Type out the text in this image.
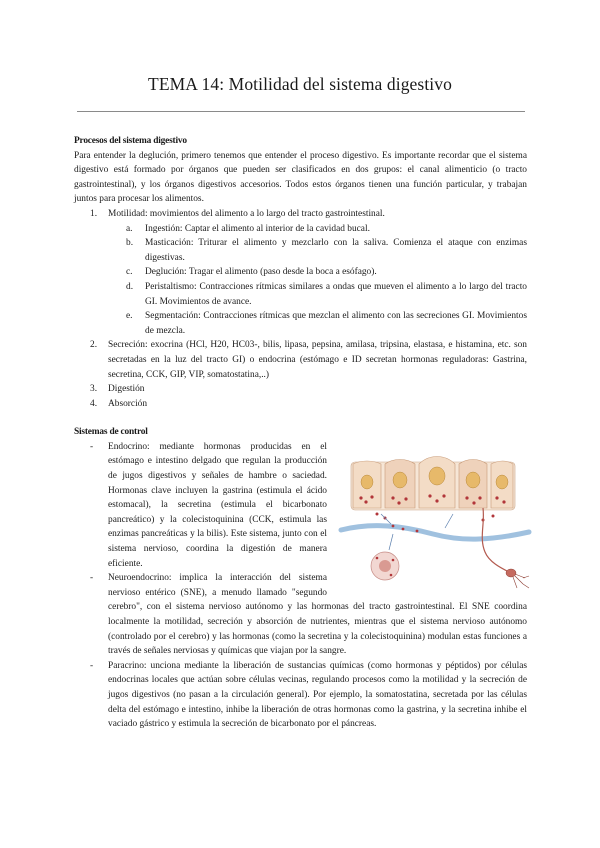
TEMA 14: Motilidad del sistema digestivo
Procesos del sistema digestivo
Para entender la deglución, primero tenemos que entender el proceso digestivo. Es importante recordar que el sistema digestivo está formado por órganos que pueden ser clasificados en dos grupos: el canal alimenticio (o tracto gastrointestinal), y los órganos digestivos accesorios. Todos estos órganos tienen una función particular, y trabajan juntos para procesar los alimentos.
1. Motilidad: movimientos del alimento a lo largo del tracto gastrointestinal.
a. Ingestión: Captar el alimento al interior de la cavidad bucal.
b. Masticación: Triturar el alimento y mezclarlo con la saliva. Comienza el ataque con enzimas digestivas.
c. Deglución: Tragar el alimento (paso desde la boca a esófago).
d. Peristaltismo: Contracciones rítmicas similares a ondas que mueven el alimento a lo largo del tracto GI. Movimientos de avance.
e. Segmentación: Contracciones rítmicas que mezclan el alimento con las secreciones GI. Movimientos de mezcla.
2. Secreción: exocrina (HCl, H20, HC03-, bilis, lipasa, pepsina, amilasa, tripsina, elastasa, e histamina, etc. son secretadas en la luz del tracto GI) o endocrina (estómago e ID secretan hormonas reguladoras: Gastrina, secretina, CCK, GIP, VIP, somatostatina,..)
3. Digestión
4. Absorción
Sistemas de control
- Endocrino: mediante hormonas producidas en el estómago e intestino delgado que regulan la producción de jugos digestivos y señales de hambre o saciedad. Hormonas clave incluyen la gastrina (estimula el ácido estomacal), la secretina (estimula el bicarbonato pancreático) y la colecistoquinina (CCK, estimula las enzimas pancreáticas y la bilis). Este sistema, junto con el sistema nervioso, coordina la digestión de manera eficiente.
- Neuroendocrino: implica la interacción del sistema nervioso entérico (SNE), a menudo llamado "segundo cerebro", con el sistema nervioso autónomo y las hormonas del tracto gastrointestinal. El SNE coordina localmente la motilidad, secreción y absorción de nutrientes, mientras que el sistema nervioso autónomo (controlado por el cerebro) y las hormonas (como la secretina y la colecistoquinina) modulan estas funciones a través de señales nerviosas y químicas que viajan por la sangre.
- Paracrino: unciona mediante la liberación de sustancias químicas (como hormonas y péptidos) por células endocrinas locales que actúan sobre células vecinas, regulando procesos como la motilidad y la secreción de jugos digestivos (no pasan a la circulación general). Por ejemplo, la somatostatina, secretada por las células delta del estómago e intestino, inhibe la liberación de otras hormonas como la gastrina, y la secretina inhibe el vaciado gástrico y estimula la secreción de bicarbonato por el páncreas.
